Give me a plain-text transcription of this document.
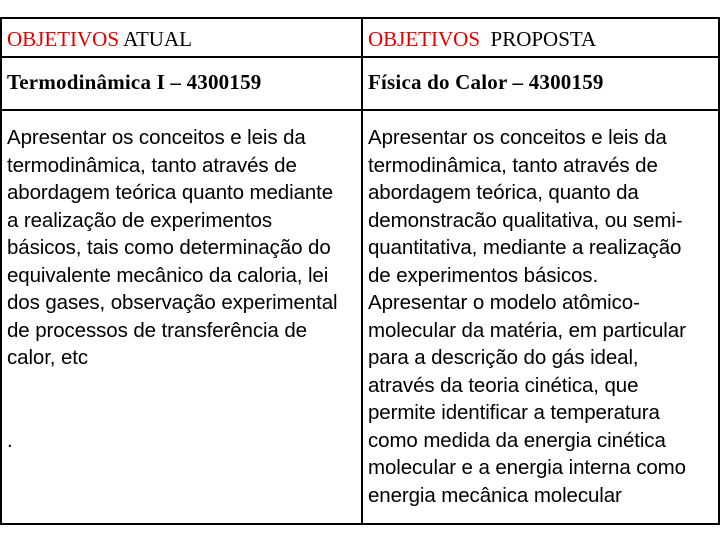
OBJETIVOS ATUAL	OBJETIVOS  PROPOSTA
Termodinâmica I – 4300159	Física do Calor – 4300159
Apresentar os conceitos e leis da
termodinâmica, tanto através de
abordagem teórica quanto mediante
a realização de experimentos
básicos, tais como determinação do
equivalente mecânico da caloria, lei
dos gases, observação experimental
de processos de transferência de
calor, etc

.
Apresentar os conceitos e leis da
termodinâmica, tanto através de
abordagem teórica, quanto da
demonstracão qualitativa, ou semi-
quantitativa, mediante a realização
de experimentos básicos.
Apresentar o modelo atômico-
molecular da matéria, em particular
para a descrição do gás ideal,
através da teoria cinética, que
permite identificar a temperatura
como medida da energia cinética
molecular e a energia interna como
energia mecânica molecular
